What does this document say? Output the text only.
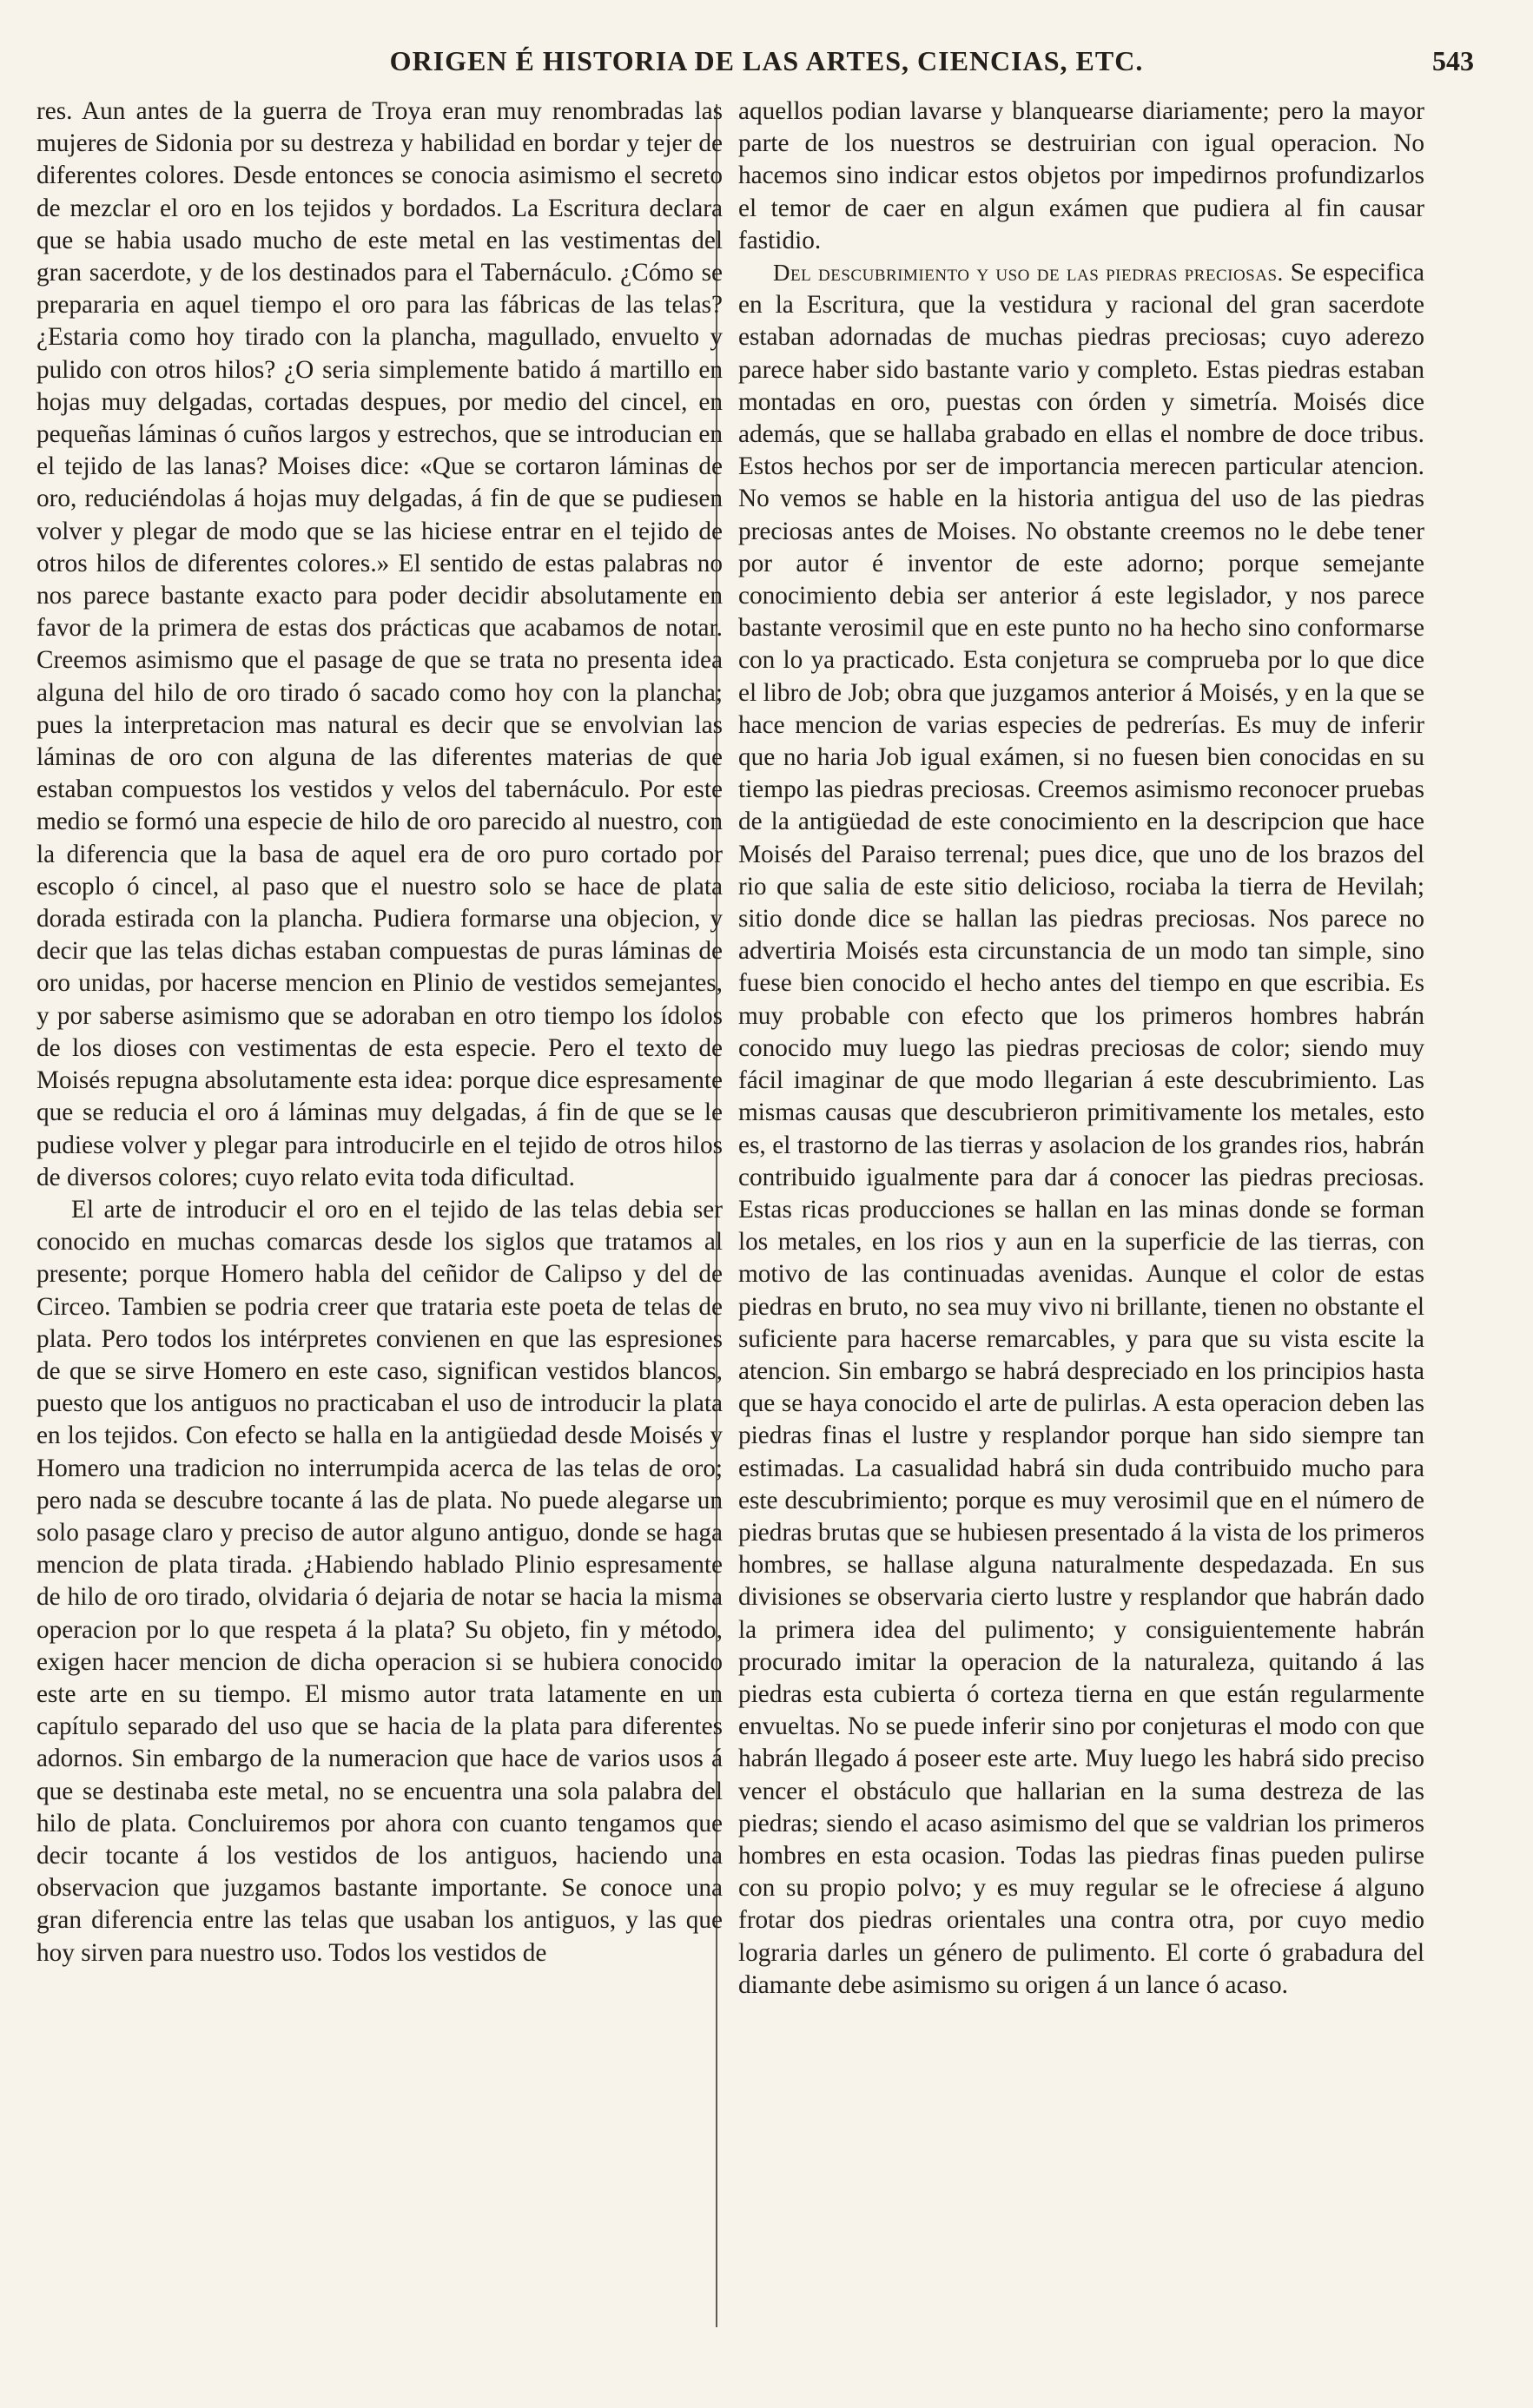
ORIGEN É HISTORIA DE LAS ARTES, CIENCIAS, ETC.	543

res. Aun antes de la guerra de Troya eran muy renombradas las mujeres de Sidonia por su destreza y habilidad en bordar y tejer de diferentes colores. Desde entonces se conocia asimismo el secreto de mezclar el oro en los tejidos y bordados. La Escritura declara que se habia usado mucho de este metal en las vestimentas del gran sacerdote, y de los destinados para el Tabernáculo. ¿Cómo se prepararia en aquel tiempo el oro para las fábricas de las telas? ¿Estaria como hoy tirado con la plancha, magullado, envuelto y pulido con otros hilos? ¿O seria simplemente batido á martillo en hojas muy delgadas, cortadas despues, por medio del cincel, en pequeñas láminas ó cuños largos y estrechos, que se introducian en el tejido de las lanas? Moises dice: «Que se cortaron láminas de oro, reduciéndolas á hojas muy delgadas, á fin de que se pudiesen volver y plegar de modo que se las hiciese entrar en el tejido de otros hilos de diferentes colores.» El sentido de estas palabras no nos parece bastante exacto para poder decidir absolutamente en favor de la primera de estas dos prácticas que acabamos de notar. Creemos asimismo que el pasage de que se trata no presenta idea alguna del hilo de oro tirado ó sacado como hoy con la plancha; pues la interpretacion mas natural es decir que se envolvian las láminas de oro con alguna de las diferentes materias de que estaban compuestos los vestidos y velos del tabernáculo. Por este medio se formó una especie de hilo de oro parecido al nuestro, con la diferencia que la basa de aquel era de oro puro cortado por escoplo ó cincel, al paso que el nuestro solo se hace de plata dorada estirada con la plancha. Pudiera formarse una objecion, y decir que las telas dichas estaban compuestas de puras láminas de oro unidas, por hacerse mencion en Plinio de vestidos semejantes, y por saberse asimismo que se adoraban en otro tiempo los ídolos de los dioses con vestimentas de esta especie. Pero el texto de Moisés repugna absolutamente esta idea: porque dice espresamente que se reducia el oro á láminas muy delgadas, á fin de que se le pudiese volver y plegar para introducirle en el tejido de otros hilos de diversos colores; cuyo relato evita toda dificultad.

El arte de introducir el oro en el tejido de las telas debia ser conocido en muchas comarcas desde los siglos que tratamos al presente; porque Homero habla del ceñidor de Calipso y del de Circeo. Tambien se podria creer que trataria este poeta de telas de plata. Pero todos los intérpretes convienen en que las espresiones de que se sirve Homero en este caso, significan vestidos blancos, puesto que los antiguos no practicaban el uso de introducir la plata en los tejidos. Con efecto se halla en la antigüedad desde Moisés y Homero una tradicion no interrumpida acerca de las telas de oro; pero nada se descubre tocante á las de plata. No puede alegarse un solo pasage claro y preciso de autor alguno antiguo, donde se haga mencion de plata tirada. ¿Habiendo hablado Plinio espresamente de hilo de oro tirado, olvidaria ó dejaria de notar se hacia la misma operacion por lo que respeta á la plata? Su objeto, fin y método, exigen hacer mencion de dicha operacion si se hubiera conocido este arte en su tiempo. El mismo autor trata latamente en un capítulo separado del uso que se hacia de la plata para diferentes adornos. Sin embargo de la numeracion que hace de varios usos á que se destinaba este metal, no se encuentra una sola palabra del hilo de plata. Concluiremos por ahora con cuanto tengamos que decir tocante á los vestidos de los antiguos, haciendo una observacion que juzgamos bastante importante. Se conoce una gran diferencia entre las telas que usaban los antiguos, y las que hoy sirven para nuestro uso. Todos los vestidos de

aquellos podian lavarse y blanquearse diariamente; pero la mayor parte de los nuestros se destruirian con igual operacion. No hacemos sino indicar estos objetos por impedirnos profundizarlos el temor de caer en algun exámen que pudiera al fin causar fastidio.

Del descubrimiento y uso de las piedras preciosas. Se especifica en la Escritura, que la vestidura y racional del gran sacerdote estaban adornadas de muchas piedras preciosas; cuyo aderezo parece haber sido bastante vario y completo. Estas piedras estaban montadas en oro, puestas con órden y simetría. Moisés dice además, que se hallaba grabado en ellas el nombre de doce tribus. Estos hechos por ser de importancia merecen particular atencion. No vemos se hable en la historia antigua del uso de las piedras preciosas antes de Moises. No obstante creemos no le debe tener por autor é inventor de este adorno; porque semejante conocimiento debia ser anterior á este legislador, y nos parece bastante verosimil que en este punto no ha hecho sino conformarse con lo ya practicado. Esta conjetura se comprueba por lo que dice el libro de Job; obra que juzgamos anterior á Moisés, y en la que se hace mencion de varias especies de pedrerías. Es muy de inferir que no haria Job igual exámen, si no fuesen bien conocidas en su tiempo las piedras preciosas. Creemos asimismo reconocer pruebas de la antigüedad de este conocimiento en la descripcion que hace Moisés del Paraiso terrenal; pues dice, que uno de los brazos del rio que salia de este sitio delicioso, rociaba la tierra de Hevilah; sitio donde dice se hallan las piedras preciosas. Nos parece no advertiria Moisés esta circunstancia de un modo tan simple, sino fuese bien conocido el hecho antes del tiempo en que escribia. Es muy probable con efecto que los primeros hombres habrán conocido muy luego las piedras preciosas de color; siendo muy fácil imaginar de que modo llegarian á este descubrimiento. Las mismas causas que descubrieron primitivamente los metales, esto es, el trastorno de las tierras y asolacion de los grandes rios, habrán contribuido igualmente para dar á conocer las piedras preciosas. Estas ricas producciones se hallan en las minas donde se forman los metales, en los rios y aun en la superficie de las tierras, con motivo de las continuadas avenidas. Aunque el color de estas piedras en bruto, no sea muy vivo ni brillante, tienen no obstante el suficiente para hacerse remarcables, y para que su vista escite la atencion. Sin embargo se habrá despreciado en los principios hasta que se haya conocido el arte de pulirlas. A esta operacion deben las piedras finas el lustre y resplandor porque han sido siempre tan estimadas. La casualidad habrá sin duda contribuido mucho para este descubrimiento; porque es muy verosimil que en el número de piedras brutas que se hubiesen presentado á la vista de los primeros hombres, se hallase alguna naturalmente despedazada. En sus divisiones se observaria cierto lustre y resplandor que habrán dado la primera idea del pulimento; y consiguientemente habrán procurado imitar la operacion de la naturaleza, quitando á las piedras esta cubierta ó corteza tierna en que están regularmente envueltas. No se puede inferir sino por conjeturas el modo con que habrán llegado á poseer este arte. Muy luego les habrá sido preciso vencer el obstáculo que hallarian en la suma destreza de las piedras; siendo el acaso asimismo del que se valdrian los primeros hombres en esta ocasion. Todas las piedras finas pueden pulirse con su propio polvo; y es muy regular se le ofreciese á alguno frotar dos piedras orientales una contra otra, por cuyo medio lograria darles un género de pulimento. El corte ó grabadura del diamante debe asimismo su origen á un lance ó acaso.
